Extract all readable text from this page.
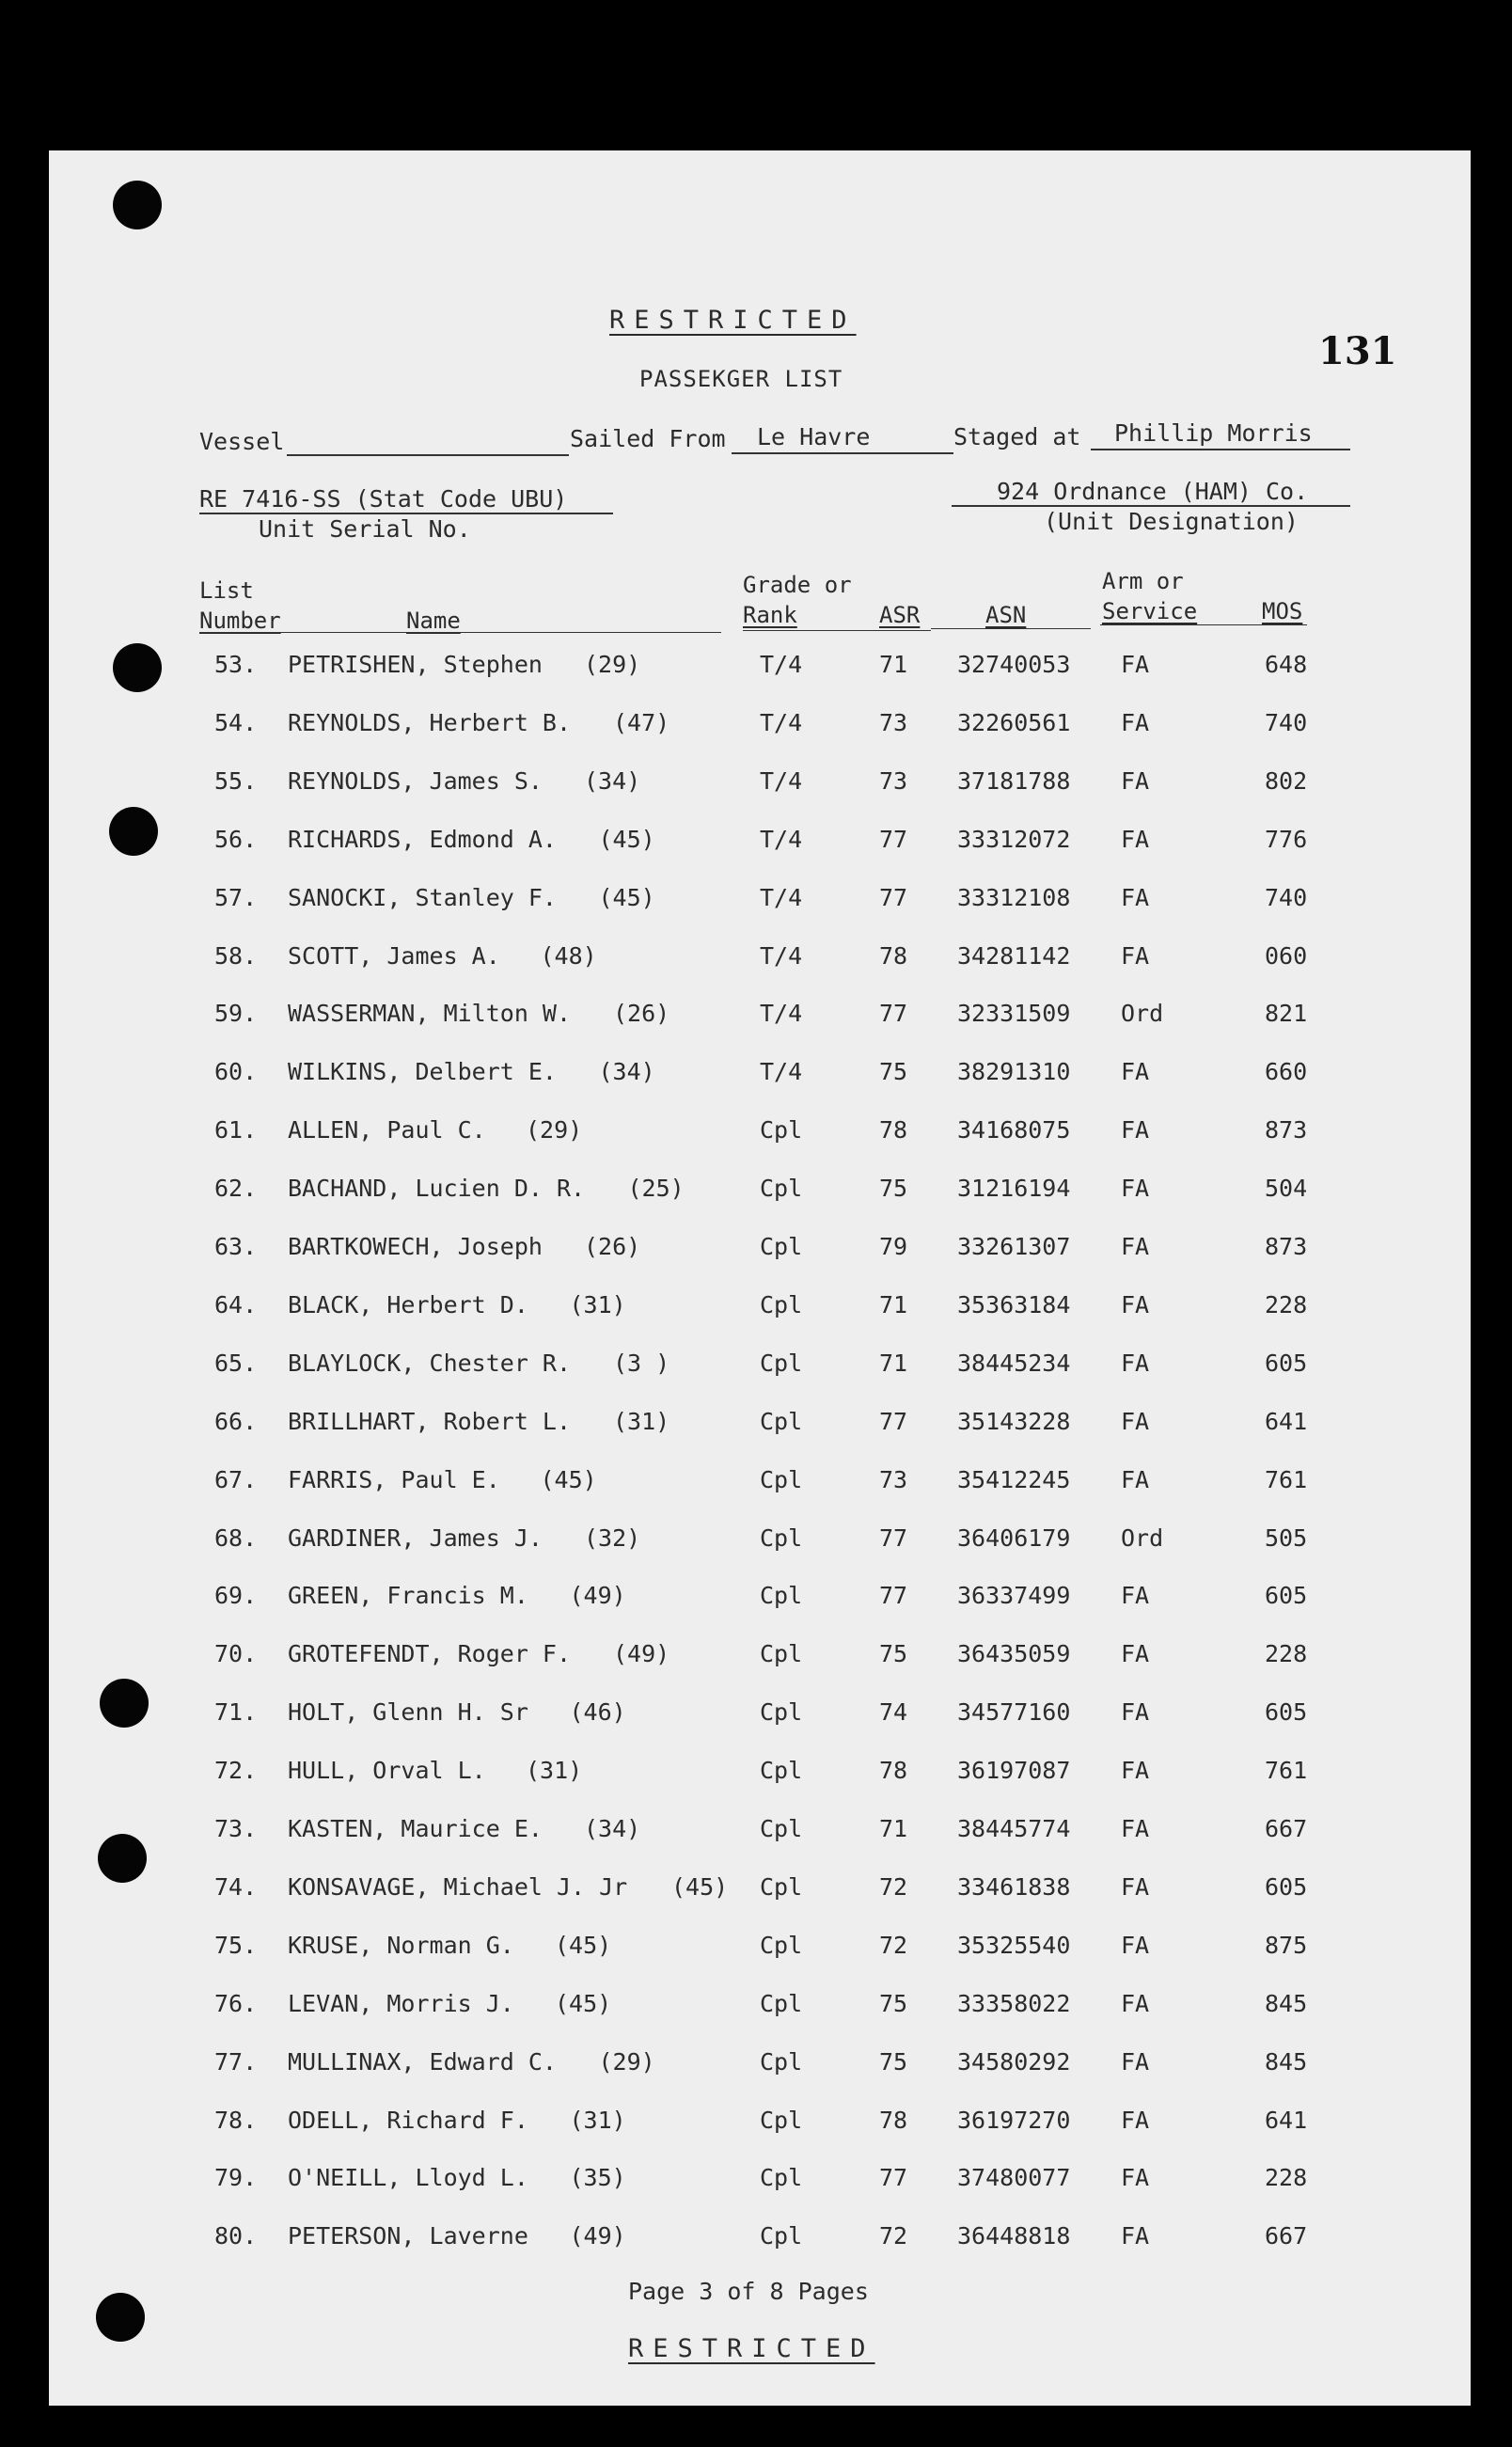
RESTRICTED
PASSEKGER LIST
131
Vessel	Sailed From Le Havre	Staged at Phillip Morris
RE 7416-SS (Stat Code UBU)
Unit Serial No.
924 Ordnance (HAM) Co.
(Unit Designation)
List
Number	Name
Grade or
Rank	ASR	ASN
Arm or
Service	MOS
53. PETRISHEN, Stephen (29)	T/4	71 32740053 FA	648
54. REYNOLDS, Herbert B. (47)	T/4	73 32260561 FA	740
55. REYNOLDS, James S. (34)	T/4	73 37181788 FA	802
56. RICHARDS, Edmond A. (45)	T/4	77 33312072 FA	776
57. SANOCKI, Stanley F. (45)	T/4	77 33312108 FA	740
58. SCOTT, James A. (48)	T/4	78 34281142 FA	060
59. WASSERMAN, Milton W. (26)	T/4	77 32331509 Ord	821
60. WILKINS, Delbert E. (34)	T/4	75 38291310 FA	660
61. ALLEN, Paul C. (29)	Cpl	78 34168075 FA	873
62. BACHAND, Lucien D. R. (25)	Cpl	75 31216194 FA	504
63. BARTKOWECH, Joseph (26)	Cpl	79 33261307 FA	873
64. BLACK, Herbert D. (31)	Cpl	71 35363184 FA	228
65. BLAYLOCK, Chester R. (3 )	Cpl	71 38445234 FA	605
66. BRILLHART, Robert L. (31)	Cpl	77 35143228 FA	641
67. FARRIS, Paul E. (45)	Cpl	73 35412245 FA	761
68. GARDINER, James J. (32)	Cpl	77 36406179 Ord	505
69. GREEN, Francis M. (49)	Cpl	77 36337499 FA	605
70. GROTEFENDT, Roger F. (49)	Cpl	75 36435059 FA	228
71. HOLT, Glenn H. Sr (46)	Cpl	74 34577160 FA	605
72. HULL, Orval L. (31)	Cpl	78 36197087 FA	761
73. KASTEN, Maurice E. (34)	Cpl	71 38445774 FA	667
74. KONSAVAGE, Michael J. Jr (45) Cpl	72 33461838 FA	605
75. KRUSE, Norman G. (45)	Cpl	72 35325540 FA	875
76. LEVAN, Morris J. (45)	Cpl	75 33358022 FA	845
77. MULLINAX, Edward C. (29)	Cpl	75 34580292 FA	845
78. ODELL, Richard F. (31)	Cpl	78 36197270 FA	641
79. O'NEILL, Lloyd L. (35)	Cpl	77 37480077 FA	228
80. PETERSON, Laverne (49)	Cpl	72 36448818 FA	667
Page 3 of 8 Pages
RESTRICTED
